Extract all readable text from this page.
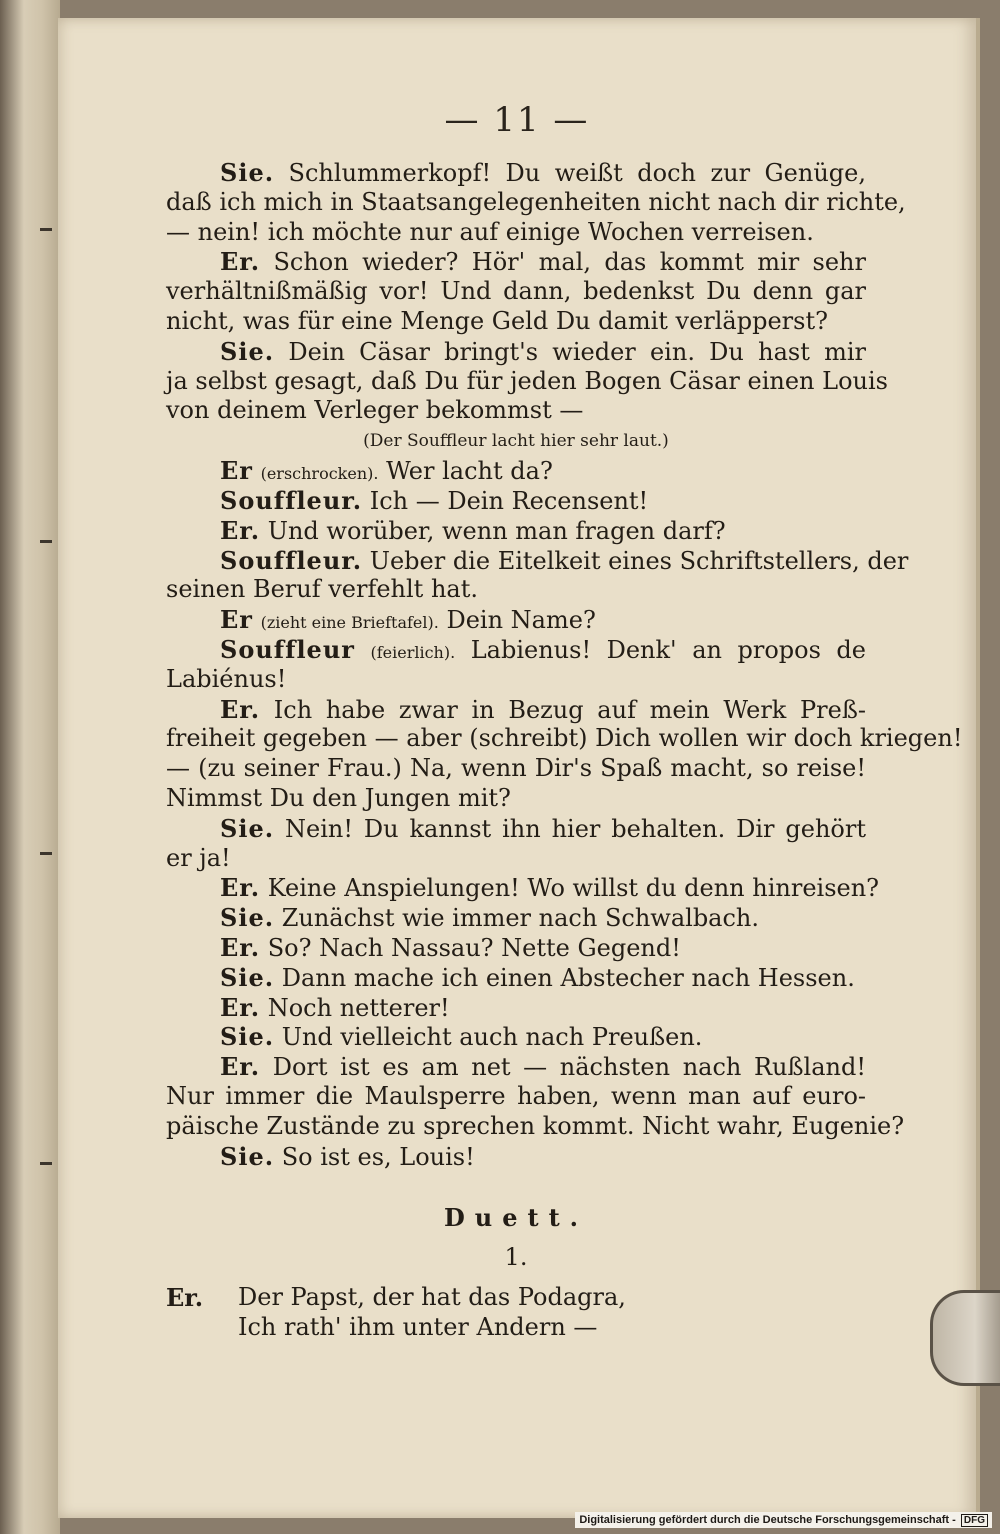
— 11 —
Sie. Schlummerkopf! Du weißt doch zur Genüge,
daß ich mich in Staatsangelegenheiten nicht nach dir richte,
— nein! ich möchte nur auf einige Wochen verreisen.
Er. Schon wieder? Hör' mal, das kommt mir sehr
verhältnißmäßig vor! Und dann, bedenkst Du denn gar
nicht, was für eine Menge Geld Du damit verläpperst?
Sie. Dein Cäsar bringt's wieder ein. Du hast mir
ja selbst gesagt, daß Du für jeden Bogen Cäsar einen Louis
von deinem Verleger bekommst —
(Der Souffleur lacht hier sehr laut.)
Er (erschrocken). Wer lacht da?
Souffleur. Ich — Dein Recensent!
Er. Und worüber, wenn man fragen darf?
Souffleur. Ueber die Eitelkeit eines Schriftstellers, der
seinen Beruf verfehlt hat.
Er (zieht eine Brieftafel). Dein Name?
Souffleur (feierlich). Labienus! Denk' an propos de
Labiénus!
Er. Ich habe zwar in Bezug auf mein Werk Preß-
freiheit gegeben — aber (schreibt) Dich wollen wir doch kriegen!
— (zu seiner Frau.) Na, wenn Dir's Spaß macht, so reise!
Nimmst Du den Jungen mit?
Sie. Nein! Du kannst ihn hier behalten. Dir gehört
er ja!
Er. Keine Anspielungen! Wo willst du denn hinreisen?
Sie. Zunächst wie immer nach Schwalbach.
Er. So? Nach Nassau? Nette Gegend!
Sie. Dann mache ich einen Abstecher nach Hessen.
Er. Noch netterer!
Sie. Und vielleicht auch nach Preußen.
Er. Dort ist es am net — nächsten nach Rußland!
Nur immer die Maulsperre haben, wenn man auf euro-
päische Zustände zu sprechen kommt. Nicht wahr, Eugenie?
Sie. So ist es, Louis!
Duett.
1.
Er.	Der Papst, der hat das Podagra,
Ich rath' ihm unter Andern —
Digitalisierung gefördert durch die Deutsche Forschungsgemeinschaft - DFG
